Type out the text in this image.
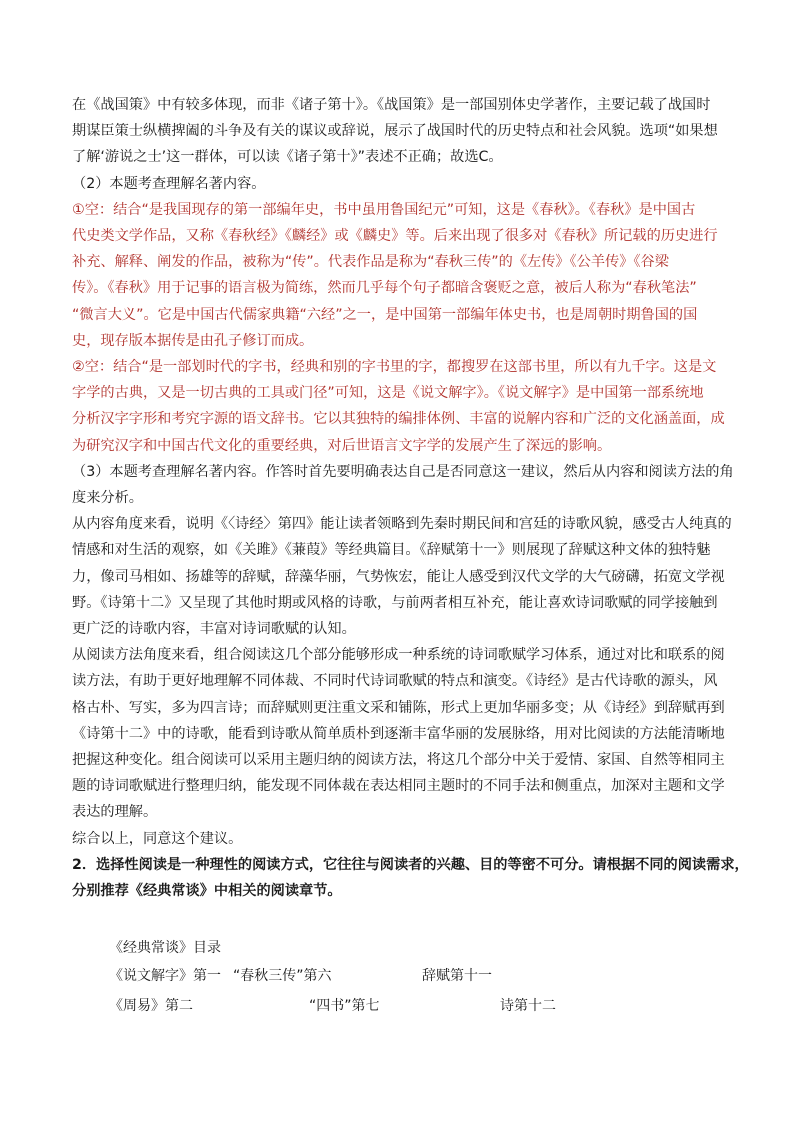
在《战国策》中有较多体现，而非《诸子第十》。《战国策》是一部国别体史学著作，主要记载了战国时

期谋臣策士纵横捭阖的斗争及有关的谋议或辞说，展示了战国时代的历史特点和社会风貌。选项“如果想

了解‘游说之士’这一群体，可以读《诸子第十》”表述不正确；故选C。

（2）本题考查理解名著内容。

①空：结合“是我国现存的第一部编年史，书中虽用鲁国纪元”可知，这是《春秋》。《春秋》是中国古

代史类文学作品，又称《春秋经》《麟经》或《麟史》等。后来出现了很多对《春秋》所记载的历史进行

补充、解释、阐发的作品，被称为“传”。代表作品是称为“春秋三传”的《左传》《公羊传》《谷梁

传》。《春秋》用于记事的语言极为简练，然而几乎每个句子都暗含褒贬之意，被后人称为“春秋笔法”

“微言大义”。它是中国古代儒家典籍“六经”之一，是中国第一部编年体史书，也是周朝时期鲁国的国

史，现存版本据传是由孔子修订而成。

②空：结合“是一部划时代的字书，经典和别的字书里的字，都搜罗在这部书里，所以有九千字。这是文

字学的古典，又是一切古典的工具或门径”可知，这是《说文解字》。《说文解字》是中国第一部系统地

分析汉字字形和考究字源的语文辞书。它以其独特的编排体例、丰富的说解内容和广泛的文化涵盖面，成

为研究汉字和中国古代文化的重要经典，对后世语言文字学的发展产生了深远的影响。

（3）本题考查理解名著内容。作答时首先要明确表达自己是否同意这一建议，然后从内容和阅读方法的角

度来分析。

从内容角度来看，说明《〈诗经〉第四》能让读者领略到先秦时期民间和宫廷的诗歌风貌，感受古人纯真的

情感和对生活的观察，如《关雎》《蒹葭》等经典篇目。《辞赋第十一》则展现了辞赋这种文体的独特魅

力，像司马相如、扬雄等的辞赋，辞藻华丽，气势恢宏，能让人感受到汉代文学的大气磅礴，拓宽文学视

野。《诗第十二》又呈现了其他时期或风格的诗歌，与前两者相互补充，能让喜欢诗词歌赋的同学接触到

更广泛的诗歌内容，丰富对诗词歌赋的认知。

从阅读方法角度来看，组合阅读这几个部分能够形成一种系统的诗词歌赋学习体系，通过对比和联系的阅

读方法，有助于更好地理解不同体裁、不同时代诗词歌赋的特点和演变。《诗经》是古代诗歌的源头，风

格古朴、写实，多为四言诗；而辞赋则更注重文采和铺陈，形式上更加华丽多变；从《诗经》到辞赋再到

《诗第十二》中的诗歌，能看到诗歌从简单质朴到逐渐丰富华丽的发展脉络，用对比阅读的方法能清晰地

把握这种变化。组合阅读可以采用主题归纳的阅读方法，将这几个部分中关于爱情、家国、自然等相同主

题的诗词歌赋进行整理归纳，能发现不同体裁在表达相同主题时的不同手法和侧重点，加深对主题和文学

表达的理解。

综合以上，同意这个建议。

2．选择性阅读是一种理性的阅读方式，它往往与阅读者的兴趣、目的等密不可分。请根据不同的阅读需求，

分别推荐《经典常谈》中相关的阅读章节。

《经典常谈》目录
《说文解字》第一 “春秋三传”第六	辞赋第十一
《周易》第二	“四书”第七	诗第十二
